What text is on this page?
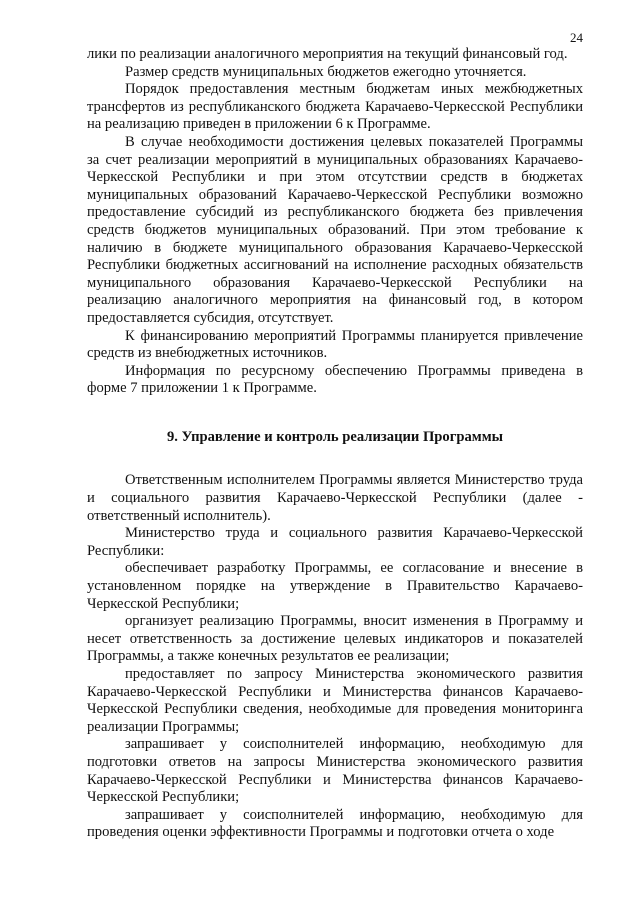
24

лики по реализации аналогичного мероприятия на текущий финансовый год.

Размер средств муниципальных бюджетов ежегодно уточняется.

Порядок предоставления местным бюджетам иных межбюджетных трансфертов из республиканского бюджета Карачаево-Черкесской Республики на реализацию приведен в приложении 6 к Программе.

В случае необходимости достижения целевых показателей Программы за счет реализации мероприятий в муниципальных образованиях Карачаево-Черкесской Республики и при этом отсутствии средств в бюджетах муниципальных образований Карачаево-Черкесской Республики возможно предоставление субсидий из республиканского бюджета без привлечения средств бюджетов муниципальных образований. При этом требование к наличию в бюджете муниципального образования Карачаево-Черкесской Республики бюджетных ассигнований на исполнение расходных обязательств муниципального образования Карачаево-Черкесской Республики на реализацию аналогичного мероприятия на финансовый год, в котором предоставляется субсидия, отсутствует.

К финансированию мероприятий Программы планируется привлечение средств из внебюджетных источников.

Информация по ресурсному обеспечению Программы приведена в форме 7 приложении 1 к Программе.

9. Управление и контроль реализации Программы

Ответственным исполнителем Программы является Министерство труда и социального развития Карачаево-Черкесской Республики (далее - ответственный исполнитель).

Министерство труда и социального развития Карачаево-Черкесской Республики:

обеспечивает разработку Программы, ее согласование и внесение в установленном порядке на утверждение в Правительство Карачаево-Черкесской Республики;

организует реализацию Программы, вносит изменения в Программу и несет ответственность за достижение целевых индикаторов и показателей Программы, а также конечных результатов ее реализации;

предоставляет по запросу Министерства экономического развития Карачаево-Черкесской Республики и Министерства финансов Карачаево-Черкесской Республики сведения, необходимые для проведения мониторинга реализации Программы;

запрашивает у соисполнителей информацию, необходимую для подготовки ответов на запросы Министерства экономического развития Карачаево-Черкесской Республики и Министерства финансов Карачаево-Черкесской Республики;

запрашивает у соисполнителей информацию, необходимую для проведения оценки эффективности Программы и подготовки отчета о ходе
